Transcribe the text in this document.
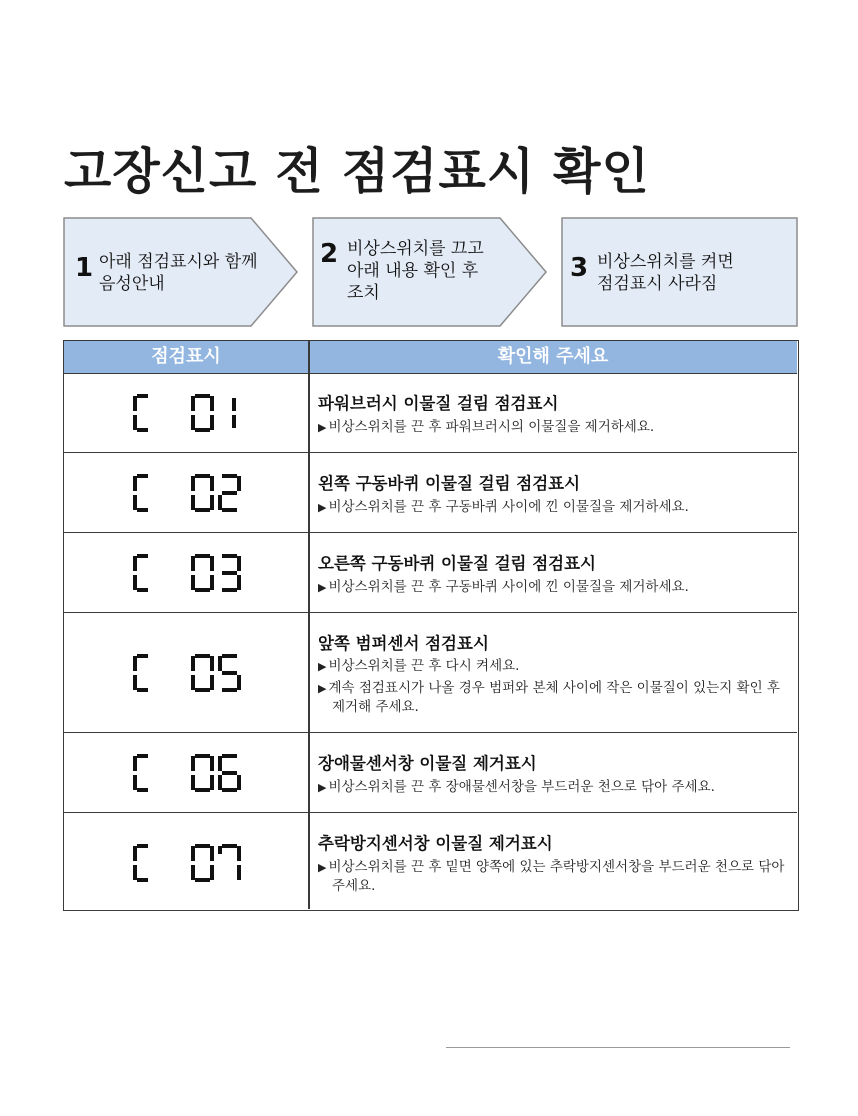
고장신고 전 점검표시 확인
1 아래 점검표시와 함께
음성안내
2 비상스위치를 끄고
아래 내용 확인 후
조치
3 비상스위치를 켜면
점검표시 사라짐
점검표시	확인해 주세요
파워브러시 이물질 걸림 점검표시
▶ 비상스위치를 끈 후 파워브러시의 이물질을 제거하세요.
왼쪽 구동바퀴 이물질 걸림 점검표시
▶ 비상스위치를 끈 후 구동바퀴 사이에 낀 이물질을 제거하세요.
오른쪽 구동바퀴 이물질 걸림 점검표시
▶ 비상스위치를 끈 후 구동바퀴 사이에 낀 이물질을 제거하세요.
앞쪽 범퍼센서 점검표시
▶ 비상스위치를 끈 후 다시 켜세요.
▶ 계속 점검표시가 나올 경우 범퍼와 본체 사이에 작은 이물질이 있는지 확인 후
제거해 주세요.
장애물센서창 이물질 제거표시
▶ 비상스위치를 끈 후 장애물센서창을 부드러운 천으로 닦아 주세요.
추락방지센서창 이물질 제거표시
▶ 비상스위치를 끈 후 밑면 양쪽에 있는 추락방지센서창을 부드러운 천으로 닦아
주세요.
